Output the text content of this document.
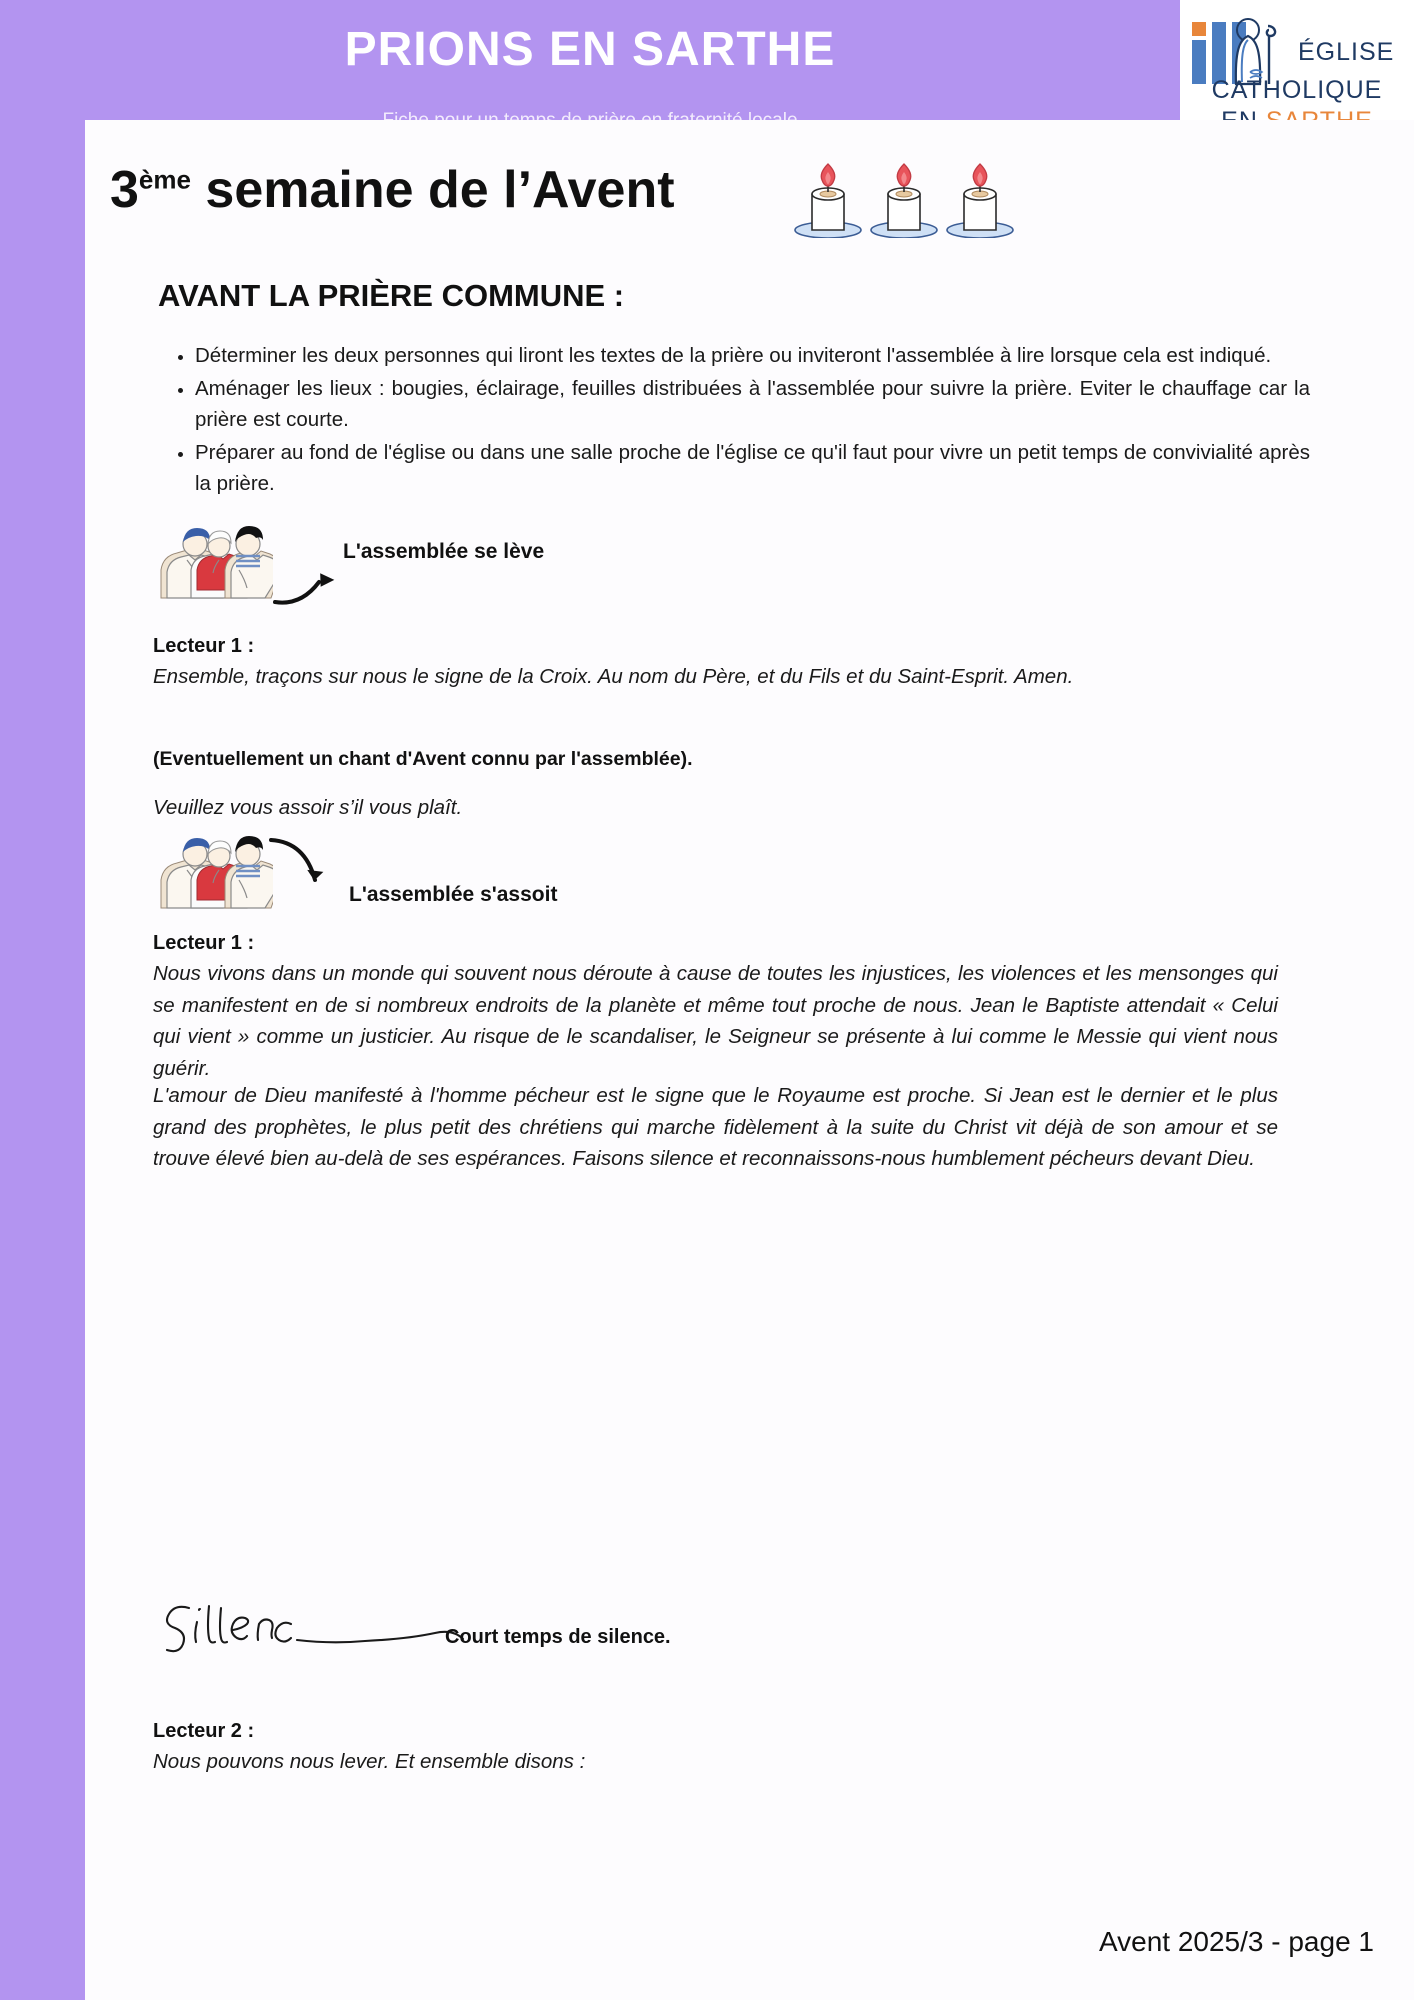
PRIONS EN SARTHE	ÉGLISE
CATHOLIQUE
3ème semaine de l’Avent
AVANT LA PRIÈRE COMMUNE :
• Déterminer les deux personnes qui liront les textes de la prière ou inviteront l'assemblée à lire lorsque cela est indiqué.
• Aménager les lieux : bougies, éclairage, feuilles distribuées à l'assemblée pour suivre la prière. Eviter le chauffage car la prière est courte.
• Préparer au fond de l'église ou dans une salle proche de l'église ce qu'il faut pour vivre un petit temps de convivialité après la prière.
L'assemblée se lève
Lecteur 1 :
Ensemble, traçons sur nous le signe de la Croix. Au nom du Père, et du Fils et du Saint-Esprit. Amen.
(Eventuellement un chant d'Avent connu par l'assemblée).
Veuillez vous assoir s’il vous plaît.
L'assemblée s'assoit
Lecteur 1 :
Nous vivons dans un monde qui souvent nous déroute à cause de toutes les injustices, les violences et les mensonges qui se manifestent en de si nombreux endroits de la planète et même tout proche de nous. Jean le Baptiste attendait « Celui qui vient » comme un justicier. Au risque de le scandaliser, le Seigneur se présente à lui comme le Messie qui vient nous guérir.
L'amour de Dieu manifesté à l'homme pécheur est le signe que le Royaume est proche. Si Jean est le dernier et le plus grand des prophètes, le plus petit des chrétiens qui marche fidèlement à la suite du Christ vit déjà de son amour et se trouve élevé bien au-delà de ses espérances. Faisons silence et reconnaissons-nous humblement pécheurs devant Dieu.
Court temps de silence.
Lecteur 2 :
Nous pouvons nous lever. Et ensemble disons :
Avent 2025/3 - page 1
